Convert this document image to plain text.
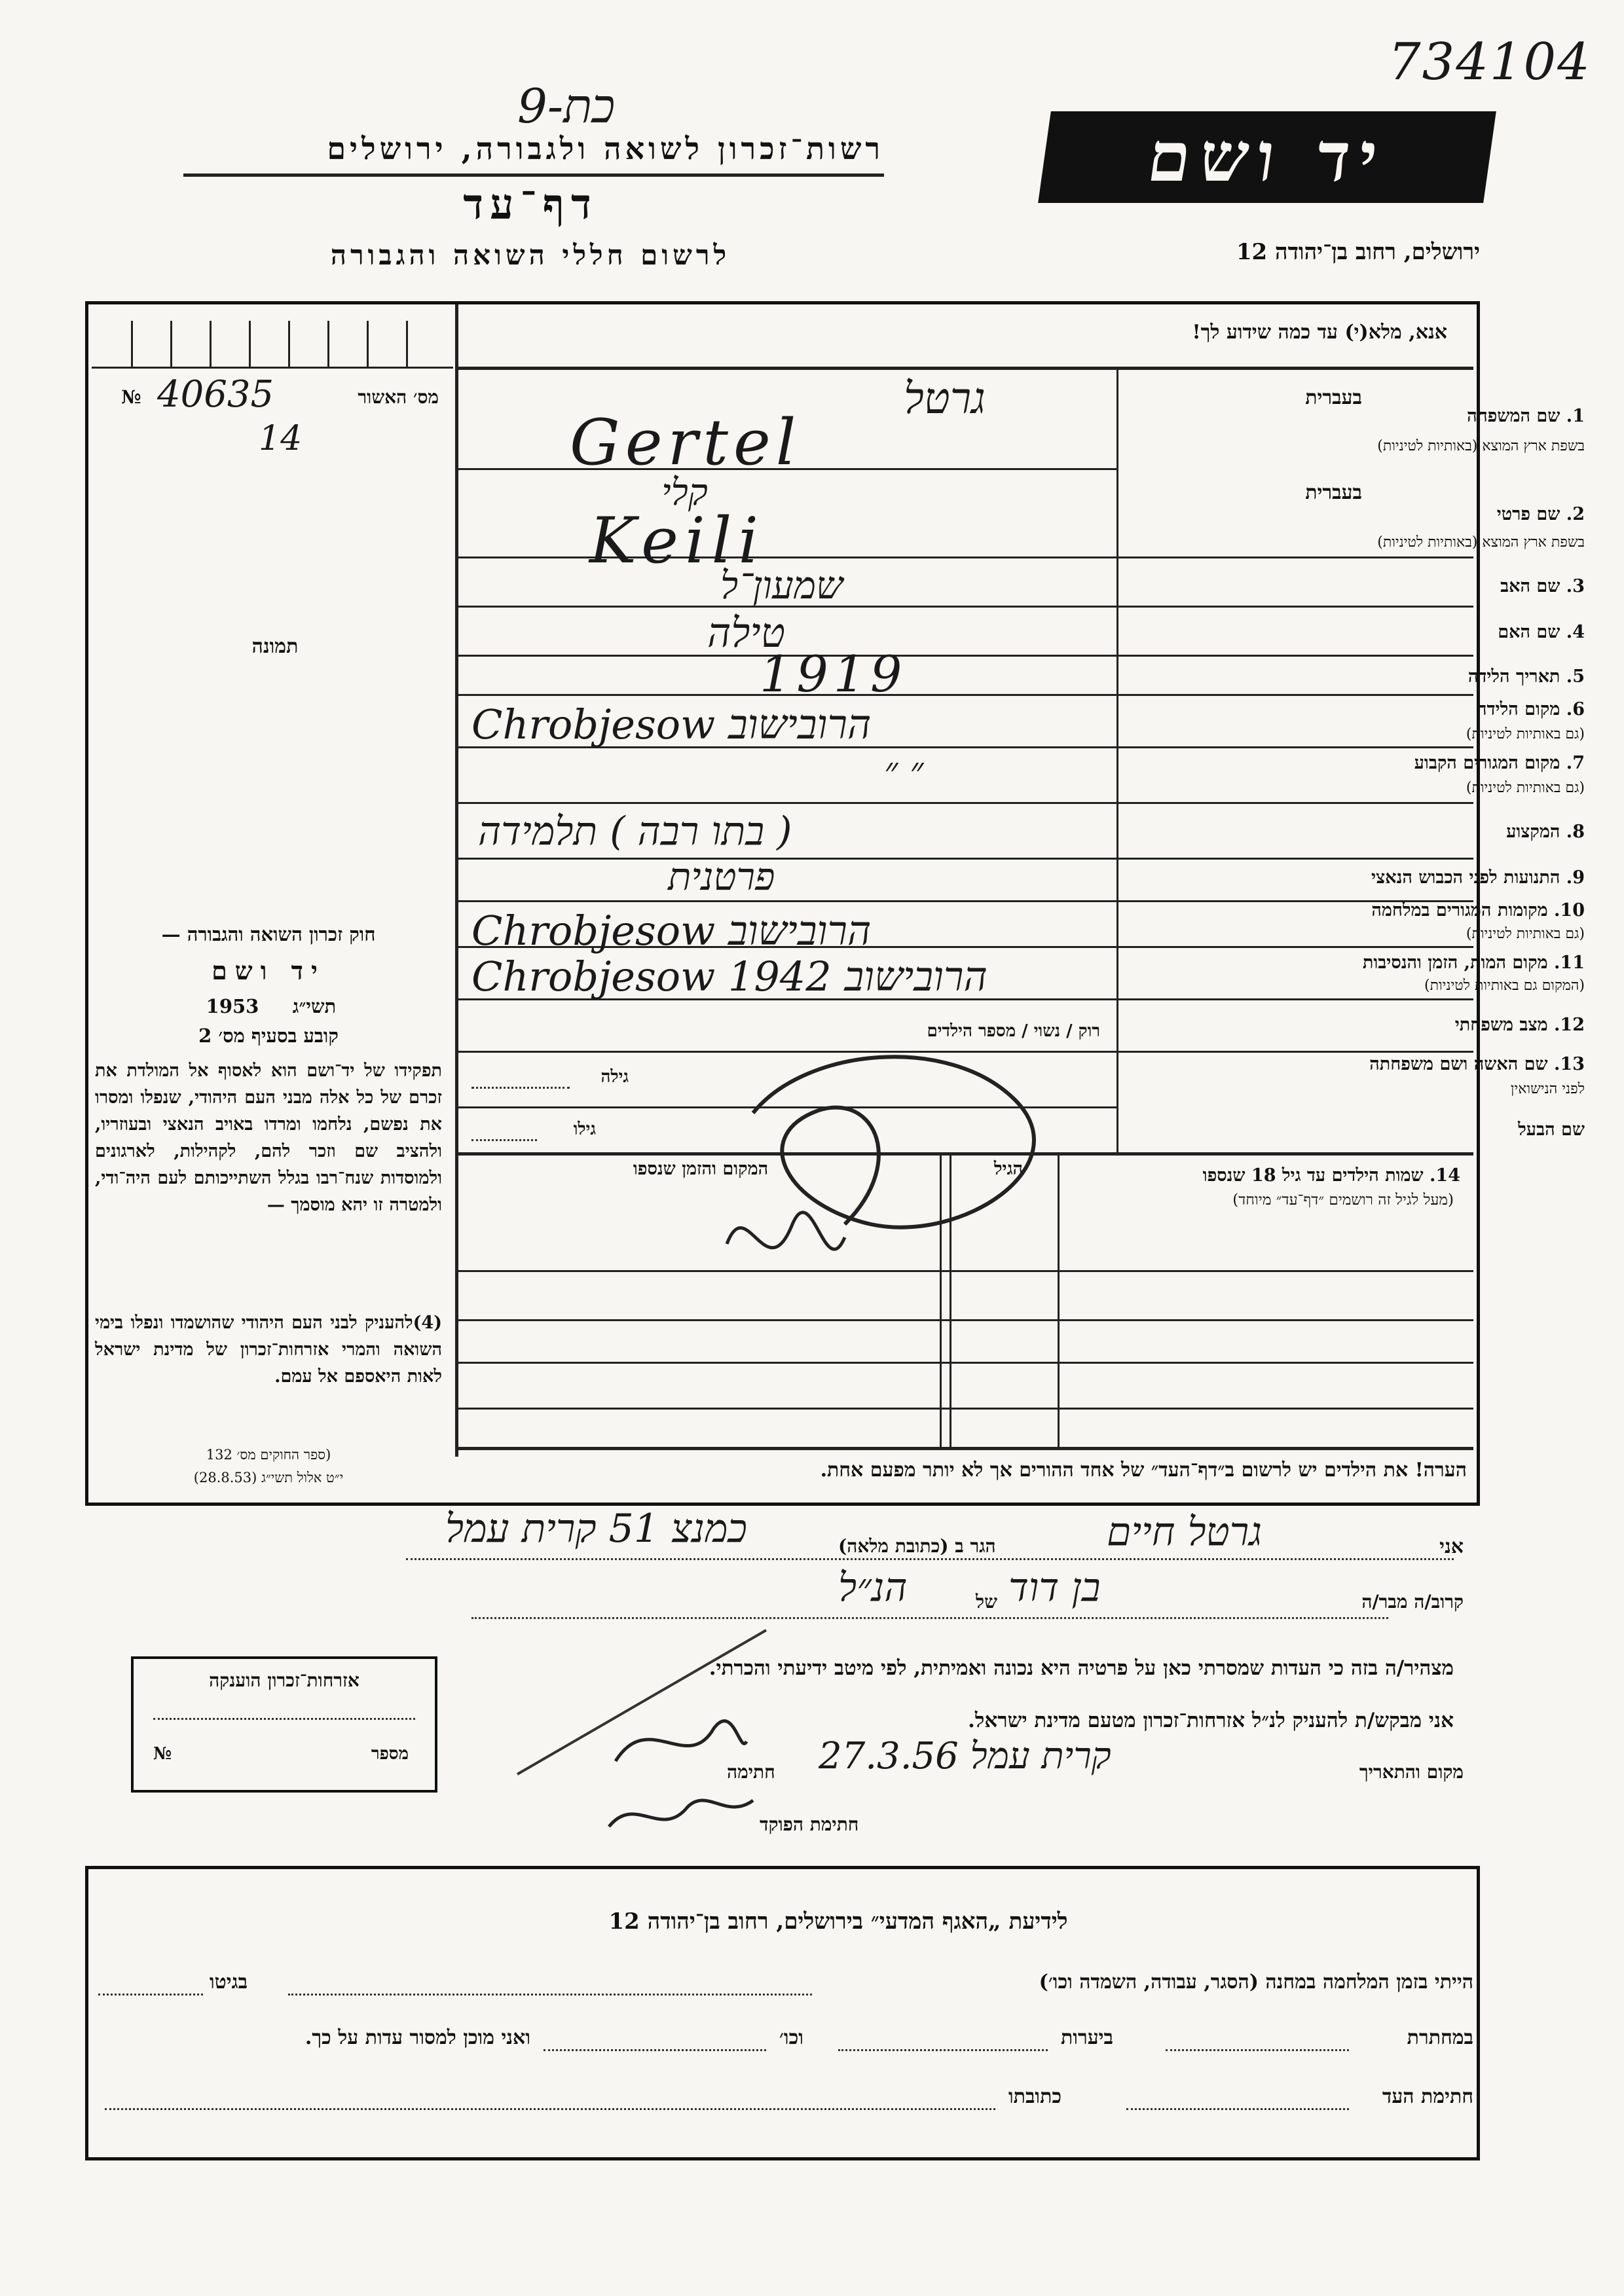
734104
כת-9
רשות־זכרון לשואה ולגבורה, ירושלים
דף־עד
לרשום חללי השואה והגבורה
יד ושם
ירושלים, רחוב בן־יהודה 12
מס׳ האשור
№ 40635
14
תמונה
חוק זכרון השואה והגבורה —
יד ושם
תשי״ג
1953
קובע בסעיף מס׳ 2
תפקידו של יד־ושם הוא לאסוף אל המולדת את זכרם של כל אלה מבני העם היהודי, שנפלו ומסרו את נפשם, נלחמו ומרדו באויב הנאצי ובעוזריו, ולהציב שם וזכר להם, לקהילות, לארגונים ולמוסדות שנח־רבו בגלל השתייכותם לעם היה־ודי, ולמטרה זו יהא מוסמך —
(4)להעניק לבני העם היהודי שהושמדו ונפלו בימי השואה והמרי אזרחות־זכרון של מדינת ישראל לאות היאספם אל עמם.
(ספר החוקים מס׳ 132
י״ט אלול תשי״ג (28.8.53)
אנא, מלא(י) עד כמה שידוע לך!
1. שם המשפחה
בשפת ארץ המוצא (באותיות לטיניות)
בעברית
2. שם פרטי
בשפת ארץ המוצא (באותיות לטיניות)
בעברית
3. שם האב
4. שם האם
5. תאריך הלידה
6. מקום הלידה
(גם באותיות לטיניות)
7. מקום המגורים הקבוע
(גם באותיות לטיניות)
8. המקצוע
9. התנועות לפני הכבוש הנאצי
10. מקומות המגורים במלחמה
(גם באותיות לטיניות)
11. מקום המות, הזמן והנסיבות
(המקום גם באותיות לטיניות)
12. מצב משפחתי
13. שם האשה ושם משפחתה
לפני הנישואין
שם הבעל
רוק / נשוי / מספר הילדים
גילה
גילו
גרטל
Gertel
קלי
Keili
שמעון־ל
טילה
1919
הרובישוב Chrobjesow
״ ״
( בתו רבה ) תלמידה
פרטנית
הרובישוב Chrobjesow
הרובישוב 1942 Chrobjesow
14. שמות הילדים עד גיל 18 שנספו
(מעל לגיל זה רושמים ״דף־עד״ מיוחד)
הגיל
המקום והזמן שנספו
הערה! את הילדים יש לרשום ב״דף־העד״ של אחד ההורים אך לא יותר מפעם אחת.
אני
גרטל חיים
הגר ב (כתובת מלאה)
כמנצ 51 קרית עמל
קרוב/ה מבר/ה
בן דוד
של
הנ״ל
מצהיר/ה בזה כי העדות שמסרתי כאן על פרטיה היא נכונה ואמיתית, לפי מיטב ידיעתי והכרתי.
אני מבקש/ת להעניק לנ״ל אזרחות־זכרון מטעם מדינת ישראל.
מקום והתאריך
קרית עמל 27.3.56
חתימה
חתימת הפוקד
אזרחות־זכרון הוענקה
מספר
№
לידיעת „האגף המדעי״ בירושלים, רחוב בן־יהודה 12
הייתי בזמן המלחמה במחנה (הסגר, עבודה, השמדה וכו׳)
בגיטו
במחתרת
ביערות
וכו׳
ואני מוכן למסור עדות על כך.
חתימת העד
כתובתו
